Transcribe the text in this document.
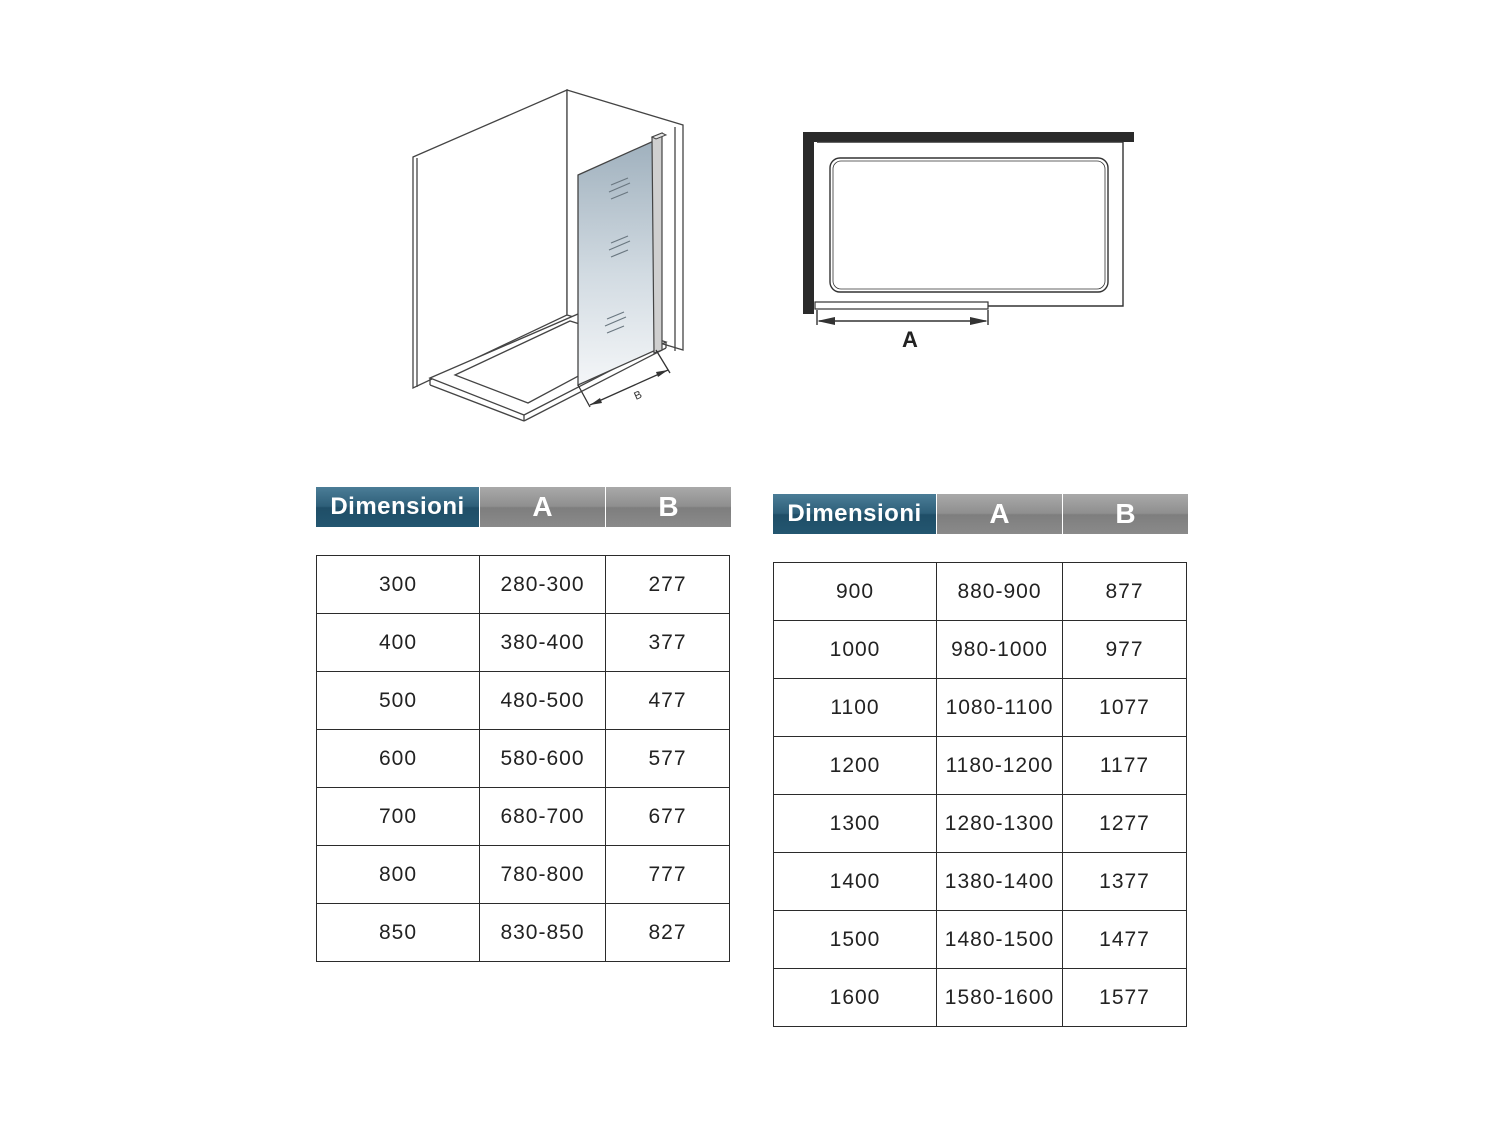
B
A
Dimensioni	A	B
300	280-300	277
400	380-400	377
500	480-500	477
600	580-600	577
700	680-700	677
800	780-800	777
850	830-850	827
Dimensioni	A	B
900	880-900	877
1000	980-1000	977
1100	1080-1100	1077
1200	1180-1200	1177
1300	1280-1300	1277
1400	1380-1400	1377
1500	1480-1500	1477
1600	1580-1600	1577
